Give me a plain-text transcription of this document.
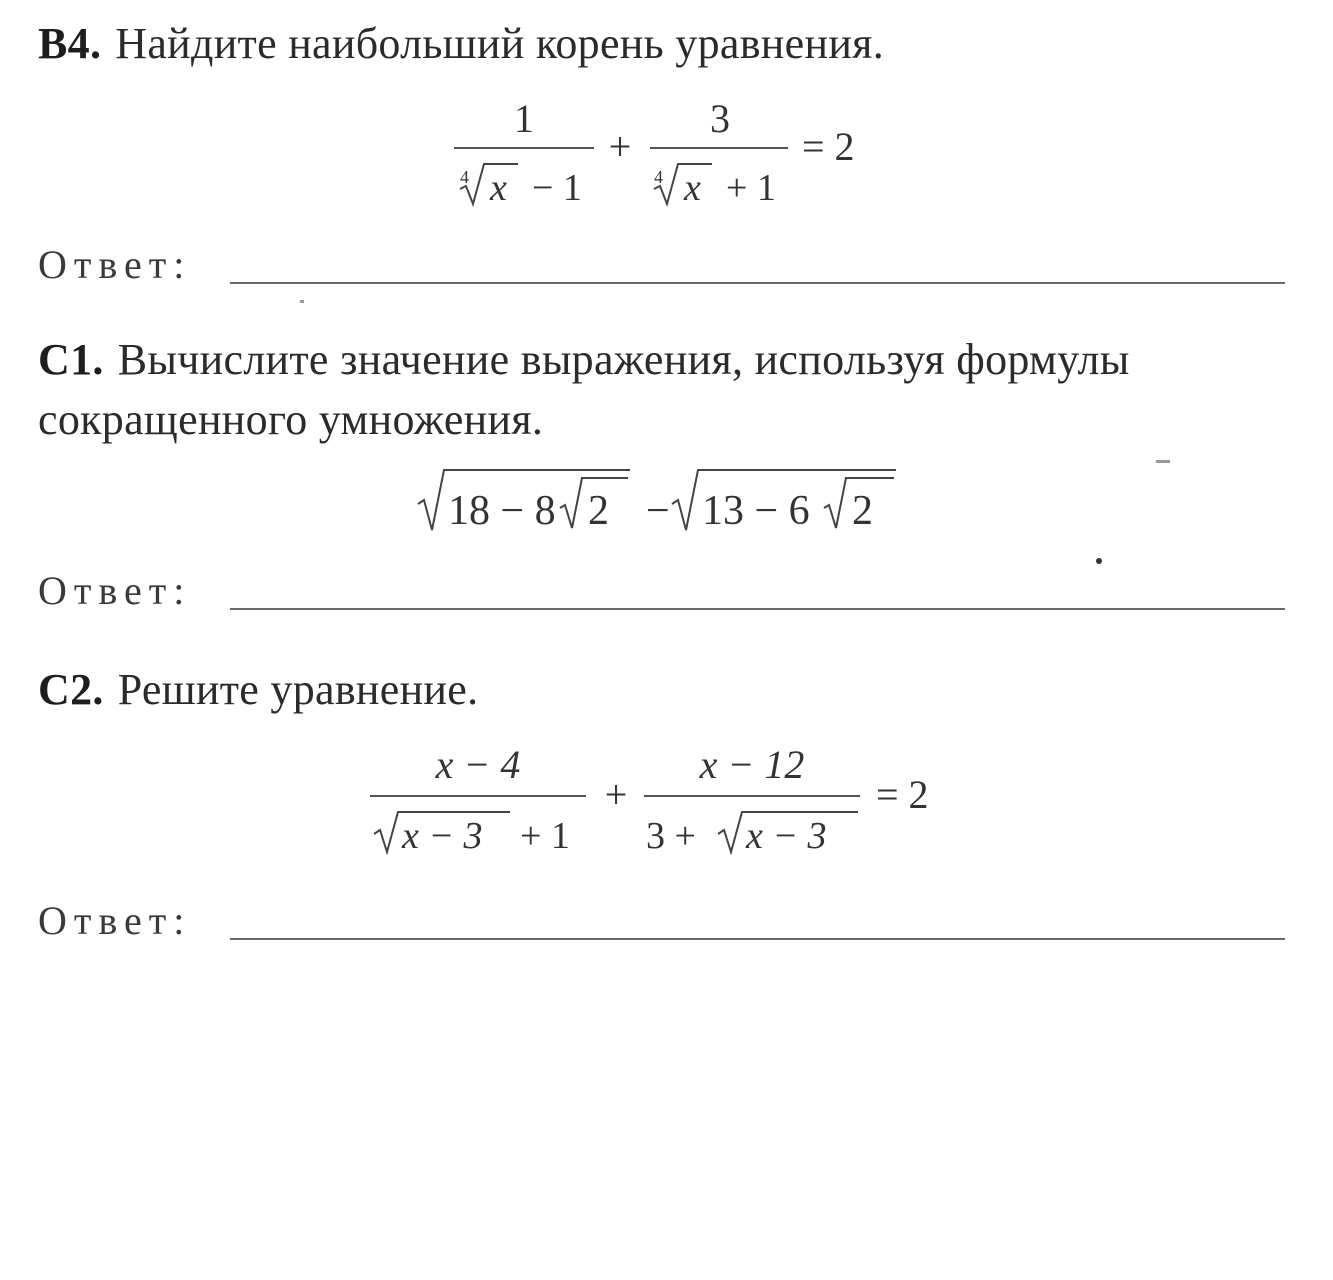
B4. Найдите наибольший корень уравнения.
1
4 x − 1
+
3
4 x + 1
= 2
Ответ:
С1. Вычислите значение выражения, используя формулы
сокращенного умножения.
18 − 8 2 − 13 − 6 2
Ответ:
С2. Решите уравнение.
x − 4
x − 3 + 1
+
x − 12
3 + x − 3
= 2
Ответ:
